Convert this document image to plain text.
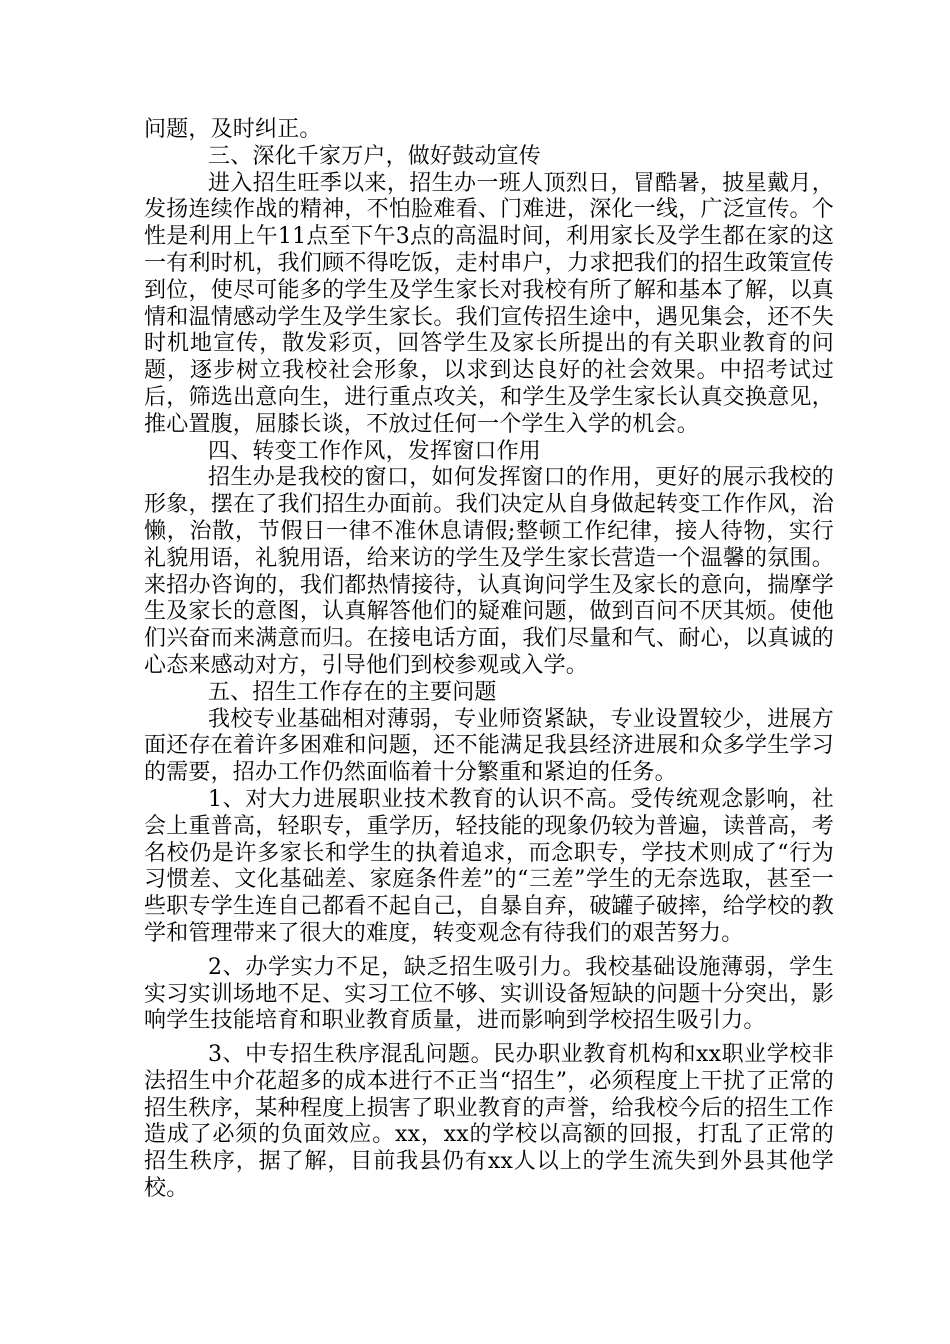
问题，及时纠正。

三、深化千家万户，做好鼓动宣传

进入招生旺季以来，招生办一班人顶烈日，冒酷暑，披星戴月，发扬连续作战的精神，不怕脸难看、门难进，深化一线，广泛宣传。个性是利用上午11点至下午3点的高温时间，利用家长及学生都在家的这一有利时机，我们顾不得吃饭，走村串户，力求把我们的招生政策宣传到位，使尽可能多的学生及学生家长对我校有所了解和基本了解，以真情和温情感动学生及学生家长。我们宣传招生途中，遇见集会，还不失时机地宣传，散发彩页，回答学生及家长所提出的有关职业教育的问题，逐步树立我校社会形象，以求到达良好的社会效果。中招考试过后，筛选出意向生，进行重点攻关，和学生及学生家长认真交换意见，推心置腹，屈膝长谈，不放过任何一个学生入学的机会。

四、转变工作作风，发挥窗口作用

招生办是我校的窗口，如何发挥窗口的作用，更好的展示我校的形象，摆在了我们招生办面前。我们决定从自身做起转变工作作风，治懒，治散，节假日一律不准休息请假;整顿工作纪律，接人待物，实行礼貌用语，礼貌用语，给来访的学生及学生家长营造一个温馨的氛围。来招办咨询的，我们都热情接待，认真询问学生及家长的意向，揣摩学生及家长的意图，认真解答他们的疑难问题，做到百问不厌其烦。使他们兴奋而来满意而归。在接电话方面，我们尽量和气、耐心，以真诚的心态来感动对方，引导他们到校参观或入学。

五、招生工作存在的主要问题

我校专业基础相对薄弱，专业师资紧缺，专业设置较少，进展方面还存在着许多困难和问题，还不能满足我县经济进展和众多学生学习的需要，招办工作仍然面临着十分繁重和紧迫的任务。

1、对大力进展职业技术教育的认识不高。受传统观念影响，社会上重普高，轻职专，重学历，轻技能的现象仍较为普遍，读普高，考名校仍是许多家长和学生的执着追求，而念职专，学技术则成了“行为习惯差、文化基础差、家庭条件差”的“三差”学生的无奈选取，甚至一些职专学生连自己都看不起自己，自暴自弃，破罐子破摔，给学校的教学和管理带来了很大的难度，转变观念有待我们的艰苦努力。

2、办学实力不足，缺乏招生吸引力。我校基础设施薄弱，学生实习实训场地不足、实习工位不够、实训设备短缺的问题十分突出，影响学生技能培育和职业教育质量，进而影响到学校招生吸引力。

3、中专招生秩序混乱问题。民办职业教育机构和xx职业学校非法招生中介花超多的成本进行不正当“招生”，必须程度上干扰了正常的招生秩序，某种程度上损害了职业教育的声誉，给我校今后的招生工作造成了必须的负面效应。xx，xx的学校以高额的回报，打乱了正常的招生秩序，据了解，目前我县仍有xx人以上的学生流失到外县其他学校。
